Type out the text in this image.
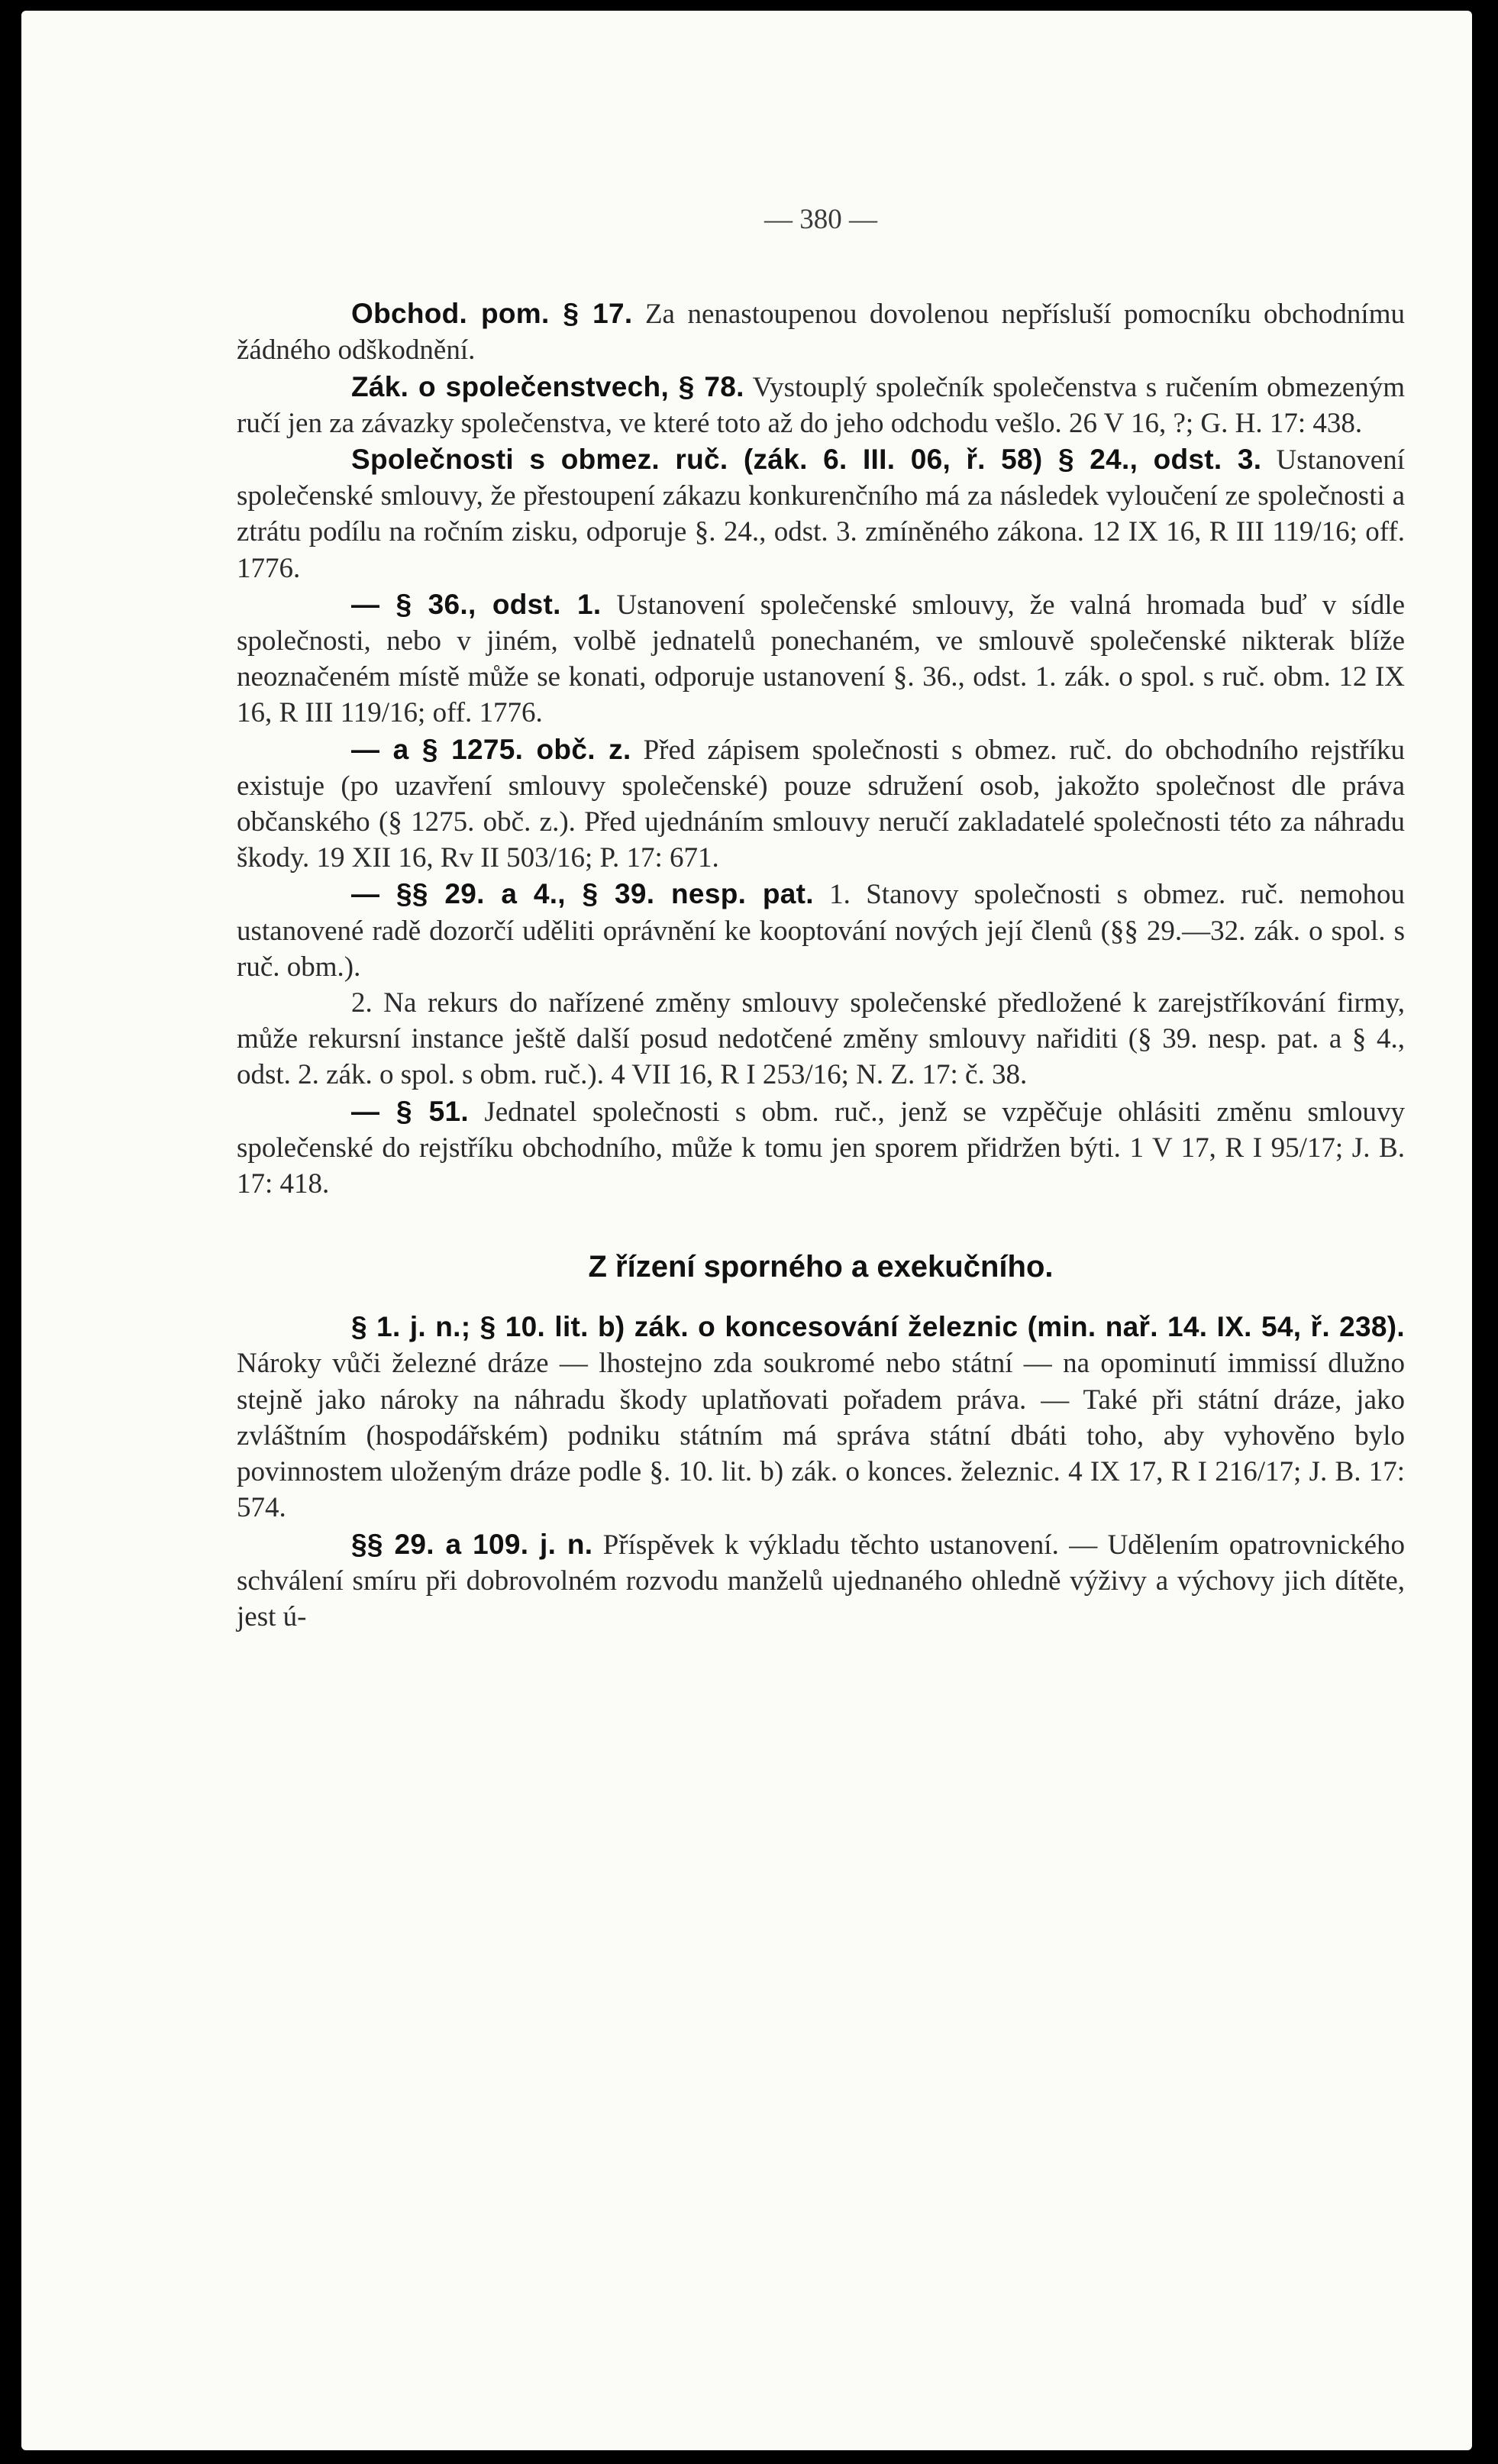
— 380 —

Obchod. pom. § 17. Za nenastoupenou dovolenou nepřísluší pomocníku obchodnímu žádného odškodnění.

Zák. o společenstvech, § 78. Vystouplý společník společenstva s ručením obmezeným ručí jen za závazky společenstva, ve které toto až do jeho odchodu vešlo. 26 V 16, ?; G. H. 17: 438.

Společnosti s obmez. ruč. (zák. 6. III. 06, ř. 58) § 24., odst. 3. Ustanovení společenské smlouvy, že přestoupení zákazu konkurenčního má za následek vyloučení ze společnosti a ztrátu podílu na ročním zisku, odporuje §. 24., odst. 3. zmíněného zákona. 12 IX 16, R III 119/16; off. 1776.

— § 36., odst. 1. Ustanovení společenské smlouvy, že valná hromada buď v sídle společnosti, nebo v jiném, volbě jednatelů ponechaném, ve smlouvě společenské nikterak blíže neoznačeném místě může se konati, odporuje ustanovení §. 36., odst. 1. zák. o spol. s ruč. obm. 12 IX 16, R III 119/16; off. 1776.

— a § 1275. obč. z. Před zápisem společnosti s obmez. ruč. do obchodního rejstříku existuje (po uzavření smlouvy společenské) pouze sdružení osob, jakožto společnost dle práva občanského (§ 1275. obč. z.). Před ujednáním smlouvy neručí zakladatelé společnosti této za náhradu škody. 19 XII 16, Rv II 503/16; P. 17: 671.

— §§ 29. a 4., § 39. nesp. pat. 1. Stanovy společnosti s obmez. ruč. nemohou ustanovené radě dozorčí uděliti oprávnění ke kooptování nových její členů (§§ 29.—32. zák. o spol. s ruč. obm.).

2. Na rekurs do nařízené změny smlouvy společenské předložené k zarejstříkování firmy, může rekursní instance ještě další posud nedotčené změny smlouvy nařiditi (§ 39. nesp. pat. a § 4., odst. 2. zák. o spol. s obm. ruč.). 4 VII 16, R I 253/16; N. Z. 17: č. 38.

— § 51. Jednatel společnosti s obm. ruč., jenž se vzpěčuje ohlásiti změnu smlouvy společenské do rejstříku obchodního, může k tomu jen sporem přidržen býti. 1 V 17, R I 95/17; J. B. 17: 418.

Z řízení sporného a exekučního.

§ 1. j. n.; § 10. lit. b) zák. o koncesování železnic (min. nař. 14. IX. 54, ř. 238). Nároky vůči železné dráze — lhostejno zda soukromé nebo státní — na opominutí immissí dlužno stejně jako nároky na náhradu škody uplatňovati pořadem práva. — Také při státní dráze, jako zvláštním (hospodářském) podniku státním má správa státní dbáti toho, aby vyhověno bylo povinnostem uloženým dráze podle §. 10. lit. b) zák. o konces. železnic. 4 IX 17, R I 216/17; J. B. 17: 574.

§§ 29. a 109. j. n. Příspěvek k výkladu těchto ustanovení. — Udělením opatrovnického schválení smíru při dobrovolném rozvodu manželů ujednaného ohledně výživy a výchovy jich dítěte, jest ú-
